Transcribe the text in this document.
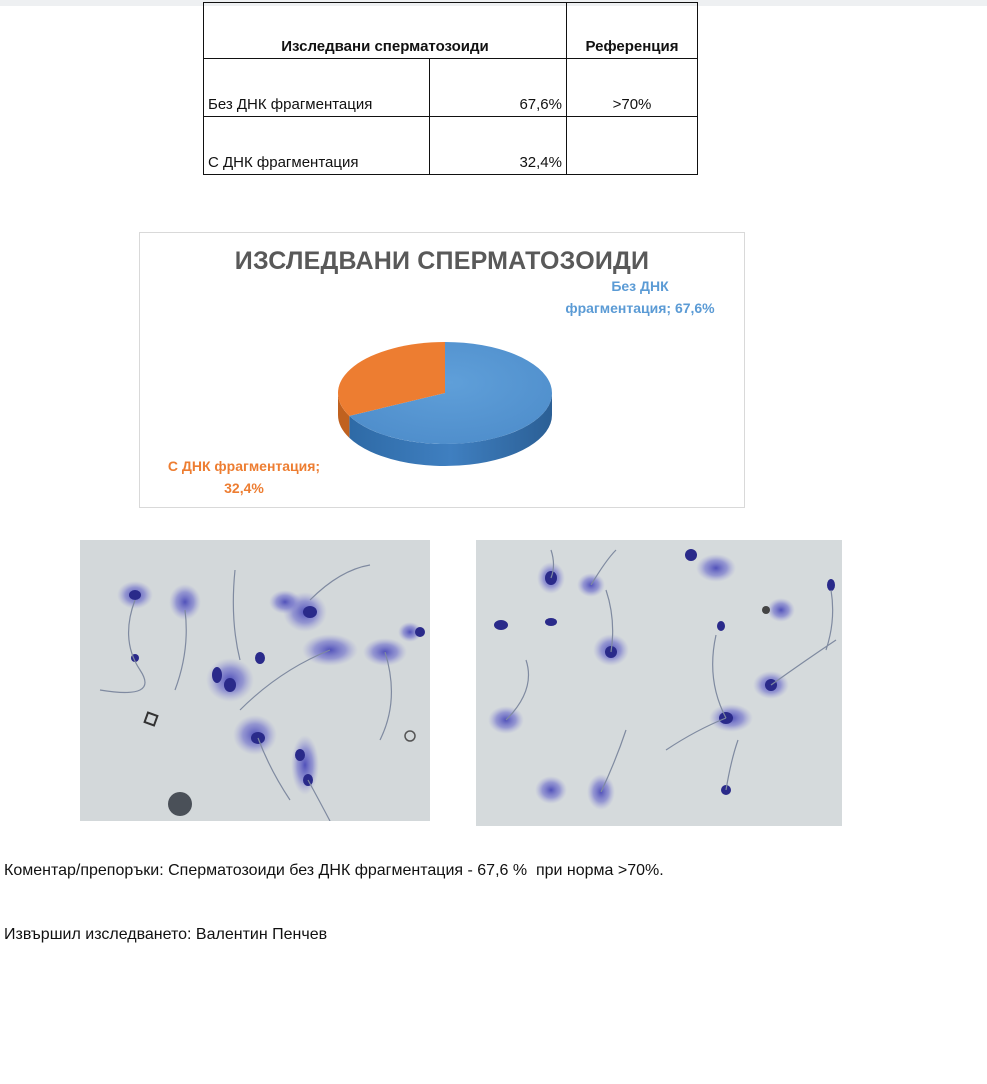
Изследвани сперматозоиди		Референция
Без ДНК фрагментация	67,6%	>70%
С ДНК фрагментация	32,4%	
ИЗСЛЕДВАНИ СПЕРМАТОЗОИДИ
Без ДНК
фрагментация; 67,6%
С ДНК фрагментация;
32,4%
Коментар/препоръки: Сперматозоиди без ДНК фрагментация - 67,6 %  при норма >70%.
Извършил изследването: Валентин Пенчев
